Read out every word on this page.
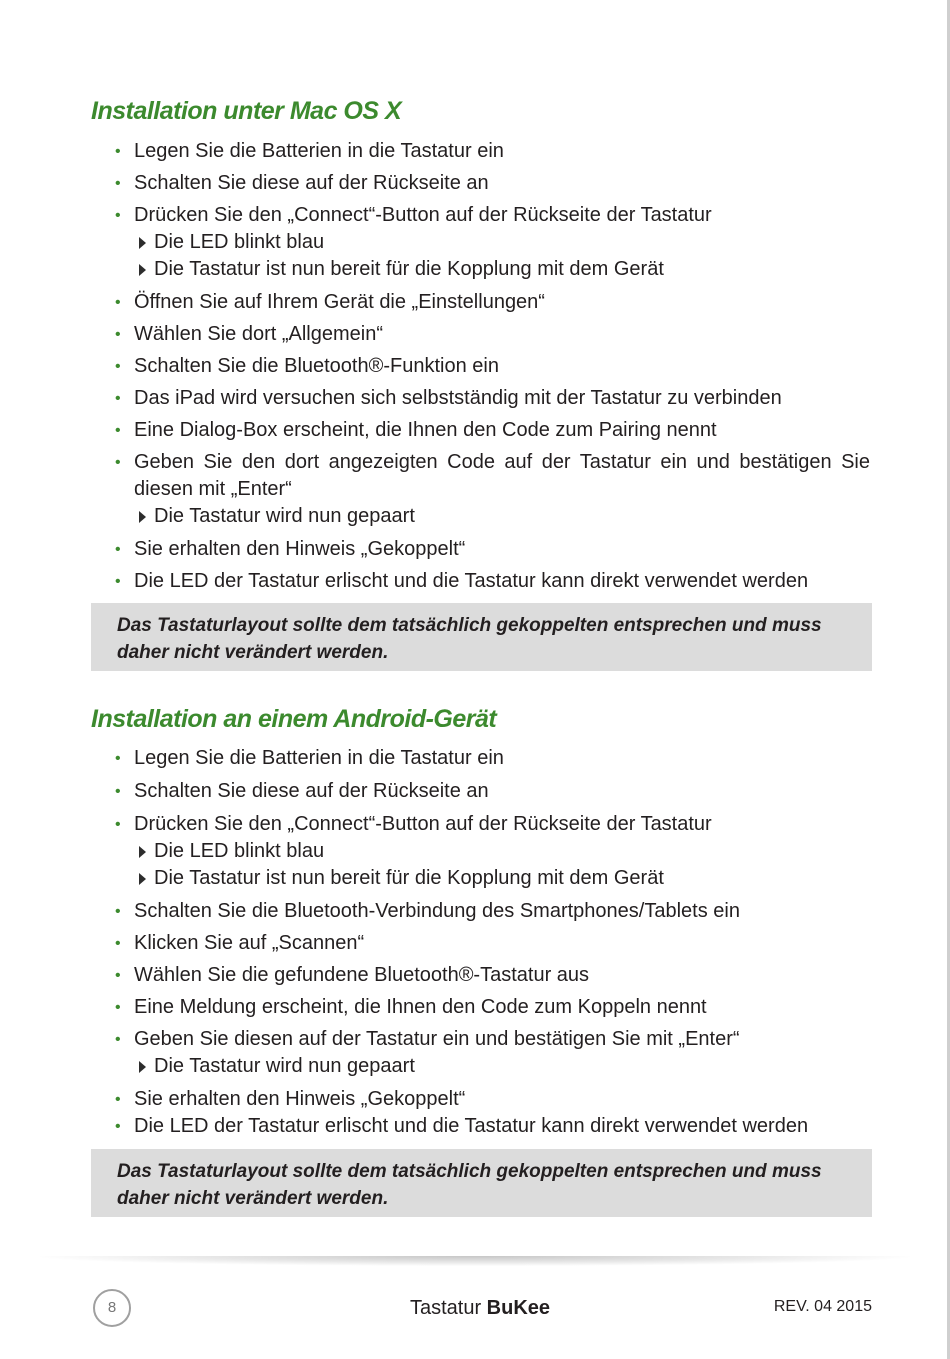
Installation unter Mac OS X
• Legen Sie die Batterien in die Tastatur ein
• Schalten Sie diese auf der Rückseite an
• Drücken Sie den „Connect“-Button auf der Rückseite der Tastatur
Die LED blinkt blau
Die Tastatur ist nun bereit für die Kopplung mit dem Gerät
• Öffnen Sie auf Ihrem Gerät die „Einstellungen“
• Wählen Sie dort „Allgemein“
• Schalten Sie die Bluetooth®-Funktion ein
• Das iPad wird versuchen sich selbstständig mit der Tastatur zu verbinden
• Eine Dialog-Box erscheint, die Ihnen den Code zum Pairing nennt
• Geben Sie den dort angezeigten Code auf der Tastatur ein und bestätigen Sie diesen mit „Enter“
Die Tastatur wird nun gepaart
• Sie erhalten den Hinweis „Gekoppelt“
• Die LED der Tastatur erlischt und die Tastatur kann direkt verwendet werden
Das Tastaturlayout sollte dem tatsächlich gekoppelten entsprechen und muss daher nicht verändert werden.
Installation an einem Android-Gerät
• Legen Sie die Batterien in die Tastatur ein
• Schalten Sie diese auf der Rückseite an
• Drücken Sie den „Connect“-Button auf der Rückseite der Tastatur
Die LED blinkt blau
Die Tastatur ist nun bereit für die Kopplung mit dem Gerät
• Schalten Sie die Bluetooth-Verbindung des Smartphones/Tablets ein
• Klicken Sie auf „Scannen“
• Wählen Sie die gefundene Bluetooth®-Tastatur aus
• Eine Meldung erscheint, die Ihnen den Code zum Koppeln nennt
• Geben Sie diesen auf der Tastatur ein und bestätigen Sie mit „Enter“
Die Tastatur wird nun gepaart
• Sie erhalten den Hinweis „Gekoppelt“
• Die LED der Tastatur erlischt und die Tastatur kann direkt verwendet werden
Das Tastaturlayout sollte dem tatsächlich gekoppelten entsprechen und muss daher nicht verändert werden.
8	Tastatur BuKee	REV. 04 2015
